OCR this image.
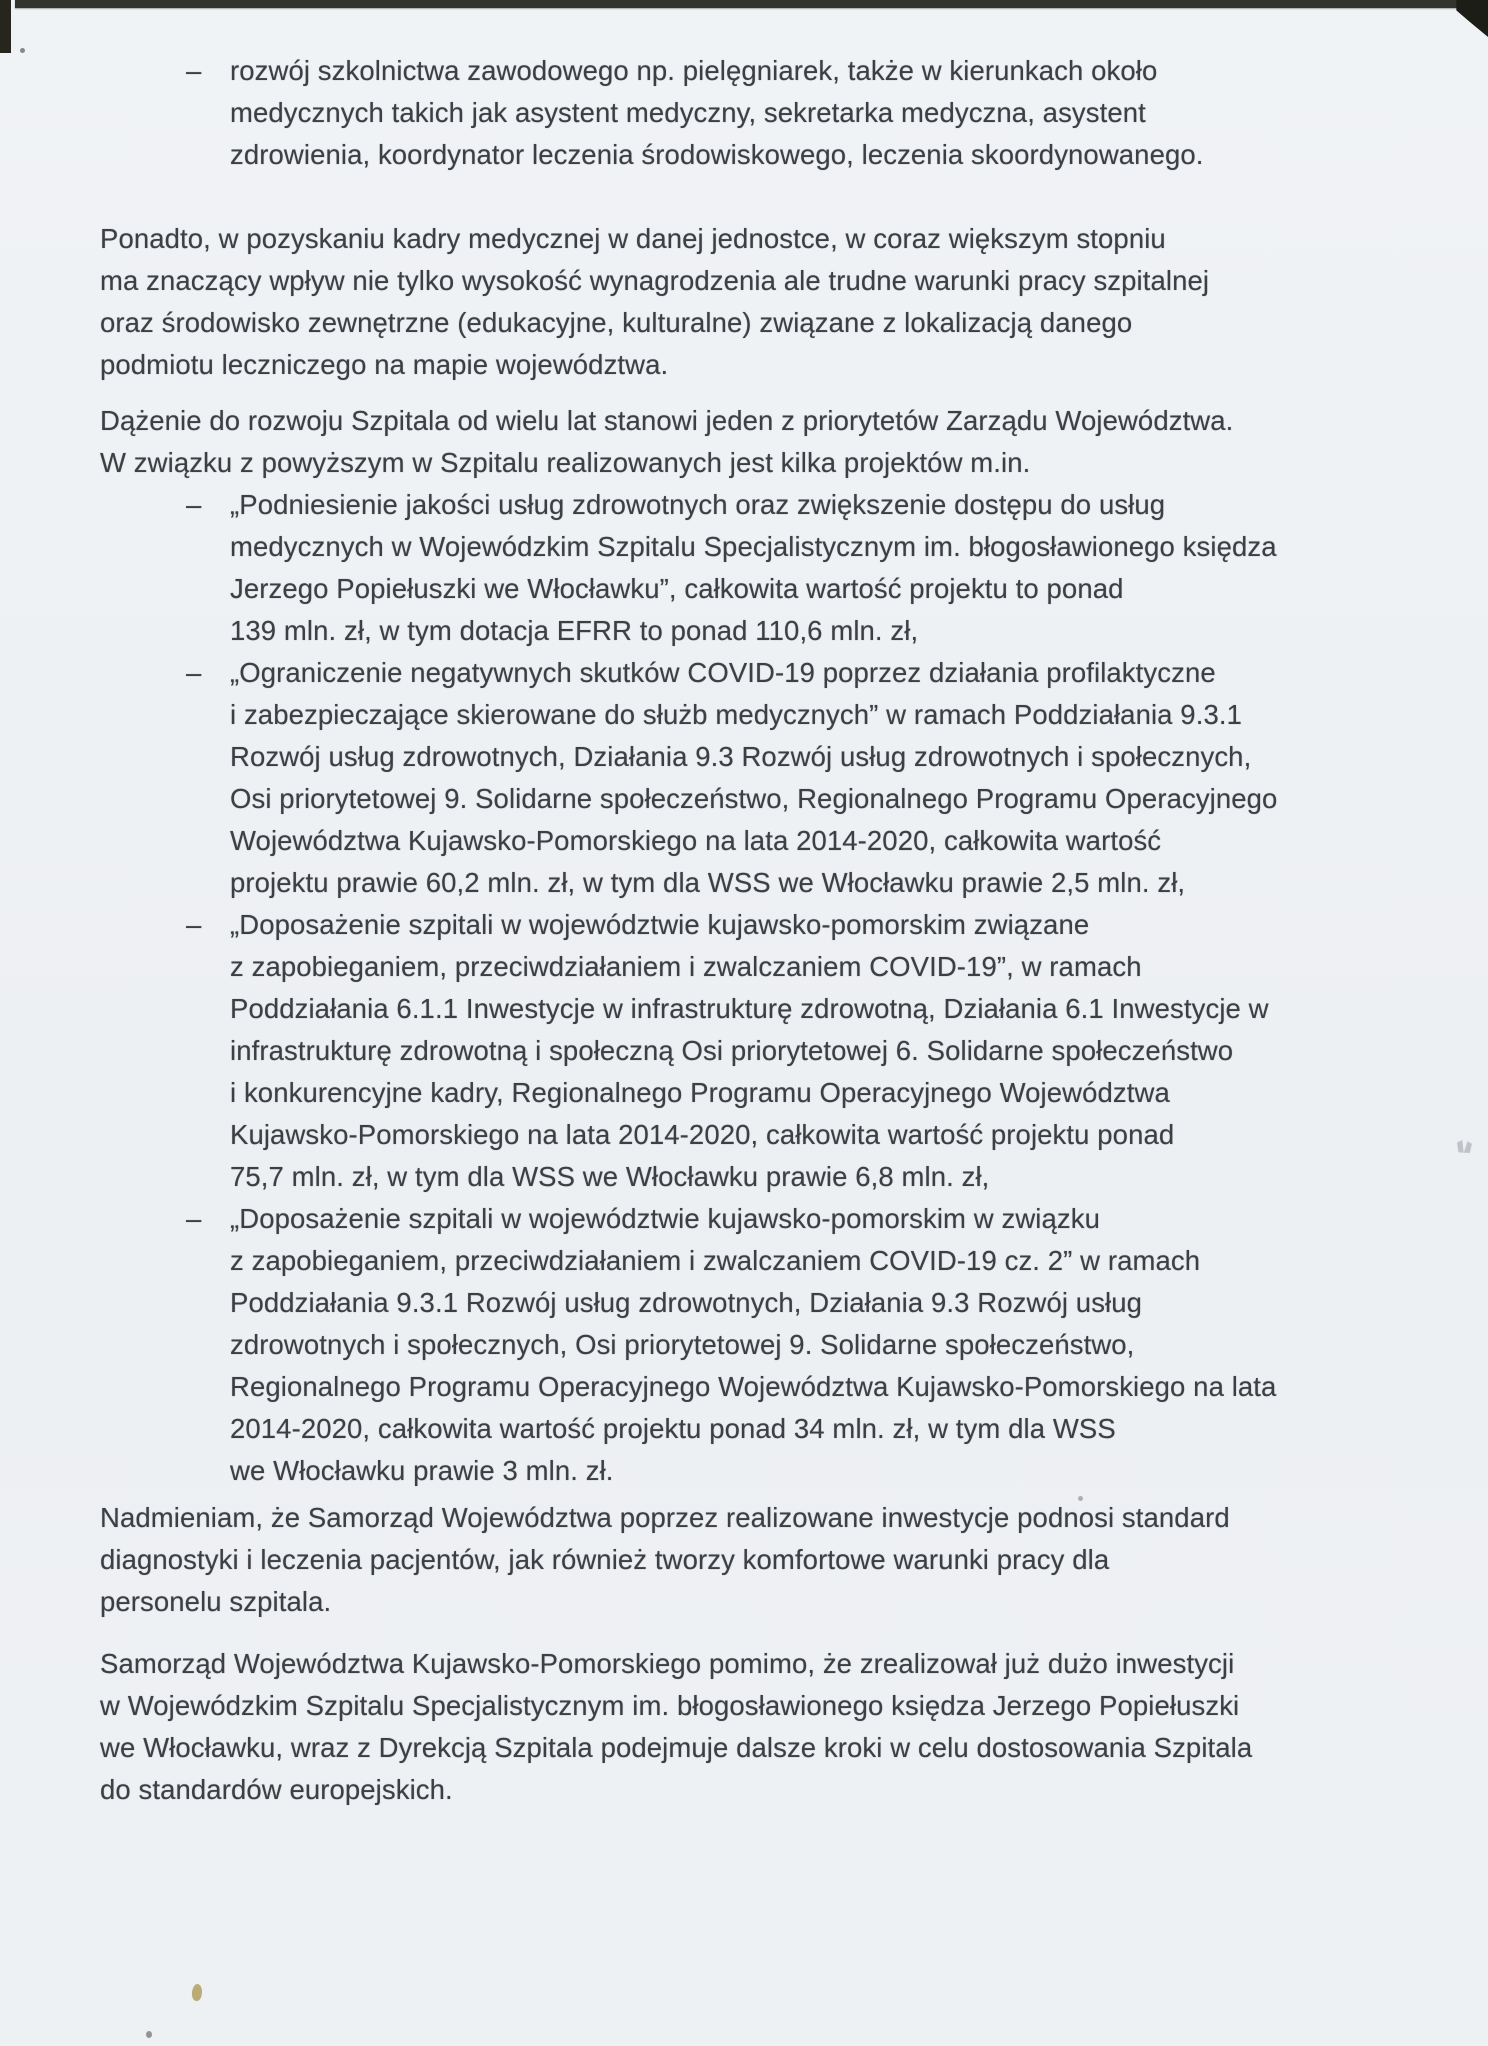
–	rozwój szkolnictwa zawodowego np. pielęgniarek, także w kierunkach około
medycznych takich jak asystent medyczny, sekretarka medyczna, asystent
zdrowienia, koordynator leczenia środowiskowego, leczenia skoordynowanego.
Ponadto, w pozyskaniu kadry medycznej w danej jednostce, w coraz większym stopniu
ma znaczący wpływ nie tylko wysokość wynagrodzenia ale trudne warunki pracy szpitalnej
oraz środowisko zewnętrzne (edukacyjne, kulturalne) związane z lokalizacją danego
podmiotu leczniczego na mapie województwa.
Dążenie do rozwoju Szpitala od wielu lat stanowi jeden z priorytetów Zarządu Województwa.
W związku z powyższym w Szpitalu realizowanych jest kilka projektów m.in.
–	„Podniesienie jakości usług zdrowotnych oraz zwiększenie dostępu do usług
medycznych w Wojewódzkim Szpitalu Specjalistycznym im. błogosławionego księdza
Jerzego Popiełuszki we Włocławku”, całkowita wartość projektu to ponad
139 mln. zł, w tym dotacja EFRR to ponad 110,6 mln. zł,
–	„Ograniczenie negatywnych skutków COVID-19 poprzez działania profilaktyczne
i zabezpieczające skierowane do służb medycznych” w ramach Poddziałania 9.3.1
Rozwój usług zdrowotnych, Działania 9.3 Rozwój usług zdrowotnych i społecznych,
Osi priorytetowej 9. Solidarne społeczeństwo, Regionalnego Programu Operacyjnego
Województwa Kujawsko-Pomorskiego na lata 2014-2020, całkowita wartość
projektu prawie 60,2 mln. zł, w tym dla WSS we Włocławku prawie 2,5 mln. zł,
–	„Doposażenie szpitali w województwie kujawsko-pomorskim związane
z zapobieganiem, przeciwdziałaniem i zwalczaniem COVID-19”, w ramach
Poddziałania 6.1.1 Inwestycje w infrastrukturę zdrowotną, Działania 6.1 Inwestycje w
infrastrukturę zdrowotną i społeczną Osi priorytetowej 6. Solidarne społeczeństwo
i konkurencyjne kadry, Regionalnego Programu Operacyjnego Województwa
Kujawsko-Pomorskiego na lata 2014-2020, całkowita wartość projektu ponad
75,7 mln. zł, w tym dla WSS we Włocławku prawie 6,8 mln. zł,
–	„Doposażenie szpitali w województwie kujawsko-pomorskim w związku
z zapobieganiem, przeciwdziałaniem i zwalczaniem COVID-19 cz. 2” w ramach
Poddziałania 9.3.1 Rozwój usług zdrowotnych, Działania 9.3 Rozwój usług
zdrowotnych i społecznych, Osi priorytetowej 9. Solidarne społeczeństwo,
Regionalnego Programu Operacyjnego Województwa Kujawsko-Pomorskiego na lata
2014-2020, całkowita wartość projektu ponad 34 mln. zł, w tym dla WSS
we Włocławku prawie 3 mln. zł.
Nadmieniam, że Samorząd Województwa poprzez realizowane inwestycje podnosi standard
diagnostyki i leczenia pacjentów, jak również tworzy komfortowe warunki pracy dla
personelu szpitala.
Samorząd Województwa Kujawsko-Pomorskiego pomimo, że zrealizował już dużo inwestycji
w Wojewódzkim Szpitalu Specjalistycznym im. błogosławionego księdza Jerzego Popiełuszki
we Włocławku, wraz z Dyrekcją Szpitala podejmuje dalsze kroki w celu dostosowania Szpitala
do standardów europejskich.
